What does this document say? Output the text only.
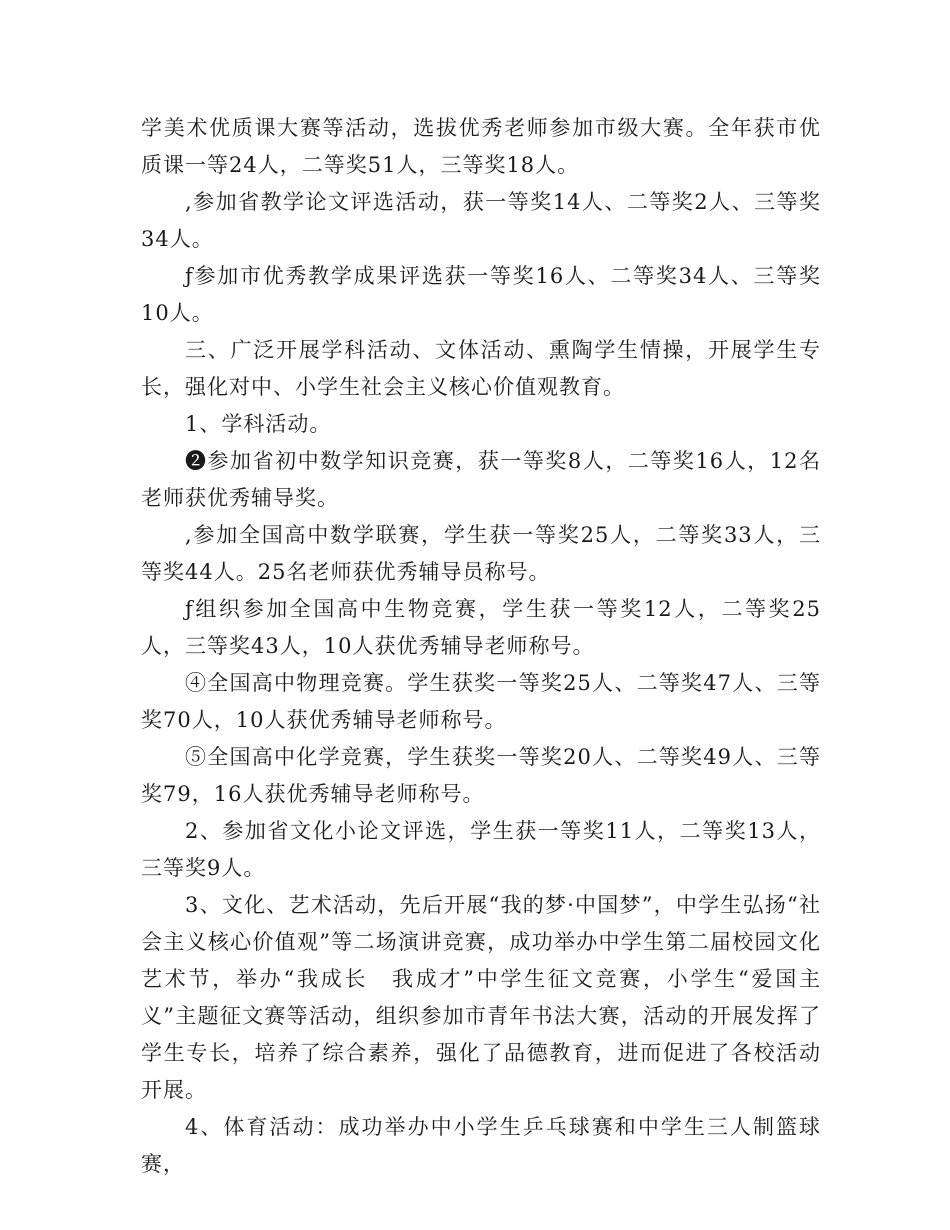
学美术优质课大赛等活动，选拔优秀老师参加市级大赛。全年获市优质课一等24人，二等奖51人，三等奖18人。

,参加省教学论文评选活动，获一等奖14人、二等奖2人、三等奖34人。

ƒ参加市优秀教学成果评选获一等奖16人、二等奖34人、三等奖10人。

三、广泛开展学科活动、文体活动、熏陶学生情操，开展学生专长，强化对中、小学生社会主义核心价值观教育。

1、学科活动。

➋参加省初中数学知识竞赛，获一等奖8人，二等奖16人，12名老师获优秀辅导奖。

,参加全国高中数学联赛，学生获一等奖25人，二等奖33人，三等奖44人。25名老师获优秀辅导员称号。

ƒ组织参加全国高中生物竞赛，学生获一等奖12人，二等奖25人，三等奖43人，10人获优秀辅导老师称号。

④全国高中物理竞赛。学生获奖一等奖25人、二等奖47人、三等奖70人，10人获优秀辅导老师称号。

⑤全国高中化学竞赛，学生获奖一等奖20人、二等奖49人、三等奖79，16人获优秀辅导老师称号。

2、参加省文化小论文评选，学生获一等奖11人，二等奖13人，三等奖9人。

3、文化、艺术活动，先后开展“我的梦·中国梦”，中学生弘扬“社会主义核心价值观”等二场演讲竞赛，成功举办中学生第二届校园文化艺术节，举办“我成长　我成才”中学生征文竞赛，小学生“爱国主义”主题征文赛等活动，组织参加市青年书法大赛，活动的开展发挥了学生专长，培养了综合素养，强化了品德教育，进而促进了各校活动开展。

4、体育活动：成功举办中小学生乒乓球赛和中学生三人制篮球赛，
